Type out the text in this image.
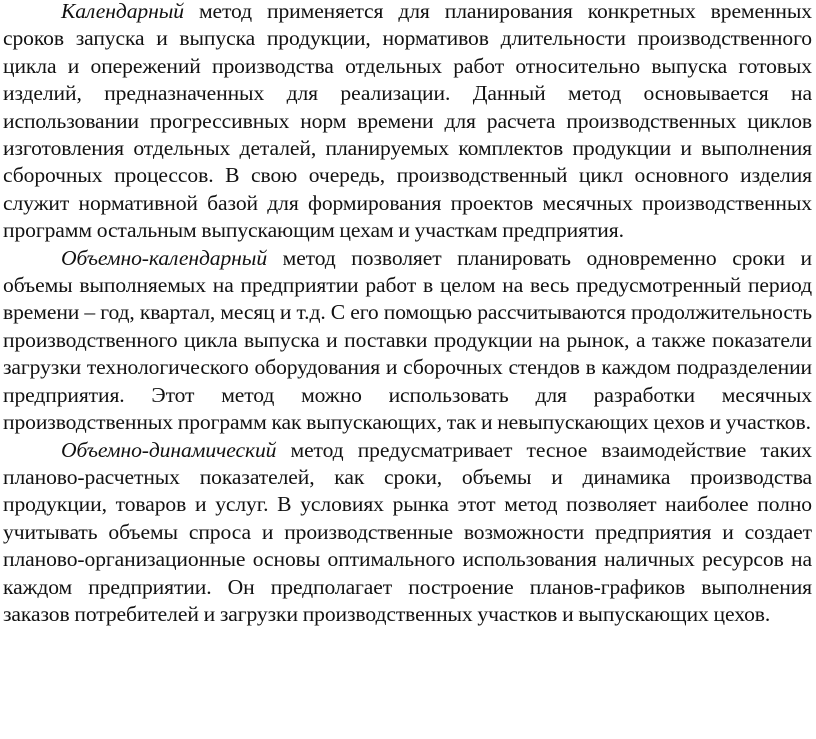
Календарный метод применяется для планирования конкретных временных сроков запуска и выпуска продукции, нормативов длительности производственного цикла и опережений производства отдельных работ относительно выпуска готовых изделий, предназначенных для реализации. Данный метод основывается на использовании прогрессивных норм времени для расчета производственных циклов изготовления отдельных деталей, планируемых комплектов продукции и выполнения сборочных процессов. В свою очередь, производственный цикл основного изделия служит нормативной базой для формирования проектов месячных производственных программ остальным выпускающим цехам и участкам предприятия.

Объемно-календарный метод позволяет планировать одновременно сроки и объемы выполняемых на предприятии работ в целом на весь предусмотренный период времени – год, квартал, месяц и т.д. С его помощью рассчитываются продолжительность производственного цикла выпуска и поставки продукции на рынок, а также показатели загрузки технологического оборудования и сборочных стендов в каждом подразделении предприятия. Этот метод можно использовать для разработки месячных производственных программ как выпускающих, так и невыпускающих цехов и участков.

Объемно-динамический метод предусматривает тесное взаимодействие таких планово-расчетных показателей, как сроки, объемы и динамика производства продукции, товаров и услуг. В условиях рынка этот метод позволяет наиболее полно учитывать объемы спроса и производственные возможности предприятия и создает планово-организационные основы оптимального использования наличных ресурсов на каждом предприятии. Он предполагает построение планов-графиков выполнения заказов потребителей и загрузки производственных участков и выпускающих цехов.
